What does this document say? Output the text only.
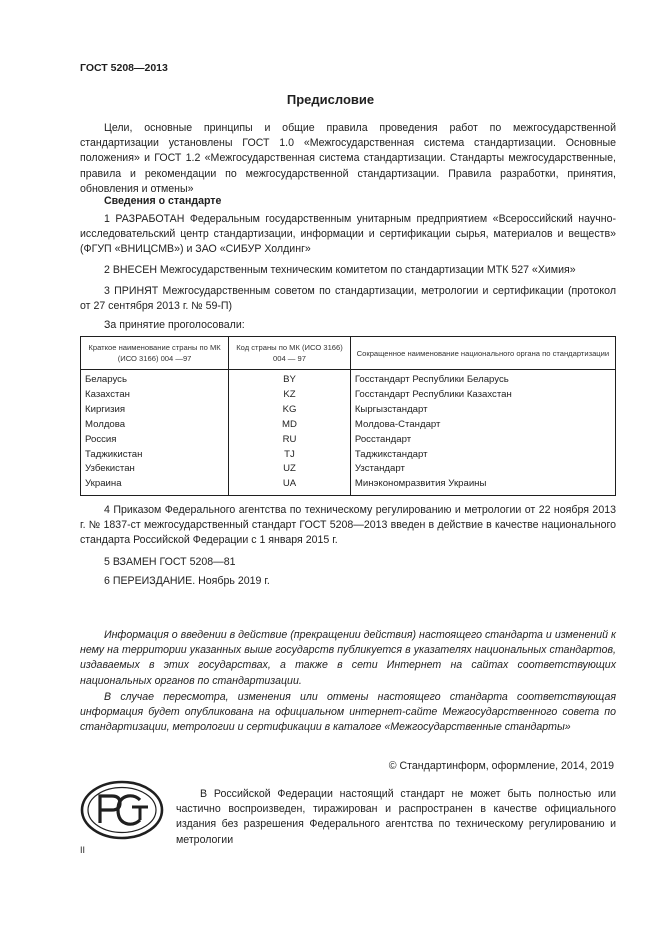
ГОСТ 5208—2013
Предисловие

Цели, основные принципы и общие правила проведения работ по межгосударственной стандартизации установлены ГОСТ 1.0 «Межгосударственная система стандартизации. Основные положения» и ГОСТ 1.2 «Межгосударственная система стандартизации. Стандарты межгосударственные, правила и рекомендации по межгосударственной стандартизации. Правила разработки, принятия, обновления и отмены»

Сведения о стандарте

1 РАЗРАБОТАН Федеральным государственным унитарным предприятием «Всероссийский научно-исследовательский центр стандартизации, информации и сертификации сырья, материалов и веществ» (ФГУП «ВНИЦСМВ») и ЗАО «СИБУР Холдинг»

2 ВНЕСЕН Межгосударственным техническим комитетом по стандартизации МТК 527 «Химия»

3 ПРИНЯТ Межгосударственным советом по стандартизации, метрологии и сертификации (протокол от 27 сентября 2013 г. № 59-П)

За принятие проголосовали:

Краткое наименование страны по МК (ИСО 3166) 004 —97	Код страны по МК (ИСО 3166) 004 — 97	Сокращенное наименование национального органа по стандартизации
Беларусь	BY	Госстандарт Республики Беларусь
Казахстан	KZ	Госстандарт Республики Казахстан
Киргизия	KG	Кыргызстандарт
Молдова	MD	Молдова-Стандарт
Россия	RU	Росстандарт
Таджикистан	TJ	Таджикстандарт
Узбекистан	UZ	Узстандарт
Украина	UA	Минэкономразвития Украины

4 Приказом Федерального агентства по техническому регулированию и метрологии от 22 ноября 2013 г. № 1837-ст межгосударственный стандарт ГОСТ 5208—2013 введен в действие в качестве национального стандарта Российской Федерации с 1 января 2015 г.

5 ВЗАМЕН ГОСТ 5208—81

6 ПЕРЕИЗДАНИЕ. Ноябрь 2019 г.

Информация о введении в действие (прекращении действия) настоящего стандарта и изменений к нему на территории указанных выше государств публикуется в указателях национальных стандартов, издаваемых в этих государствах, а также в сети Интернет на сайтах соответствующих национальных органов по стандартизации.

В случае пересмотра, изменения или отмены настоящего стандарта соответствующая информация будет опубликована на официальном интернет-сайте Межгосударственного совета по стандартизации, метрологии и сертификации в каталоге «Межгосударственные стандарты»

© Стандартинформ, оформление, 2014, 2019

В Российской Федерации настоящий стандарт не может быть полностью или частично воспроизведен, тиражирован и распространен в качестве официального издания без разрешения Федерального агентства по техническому регулированию и метрологии

II
